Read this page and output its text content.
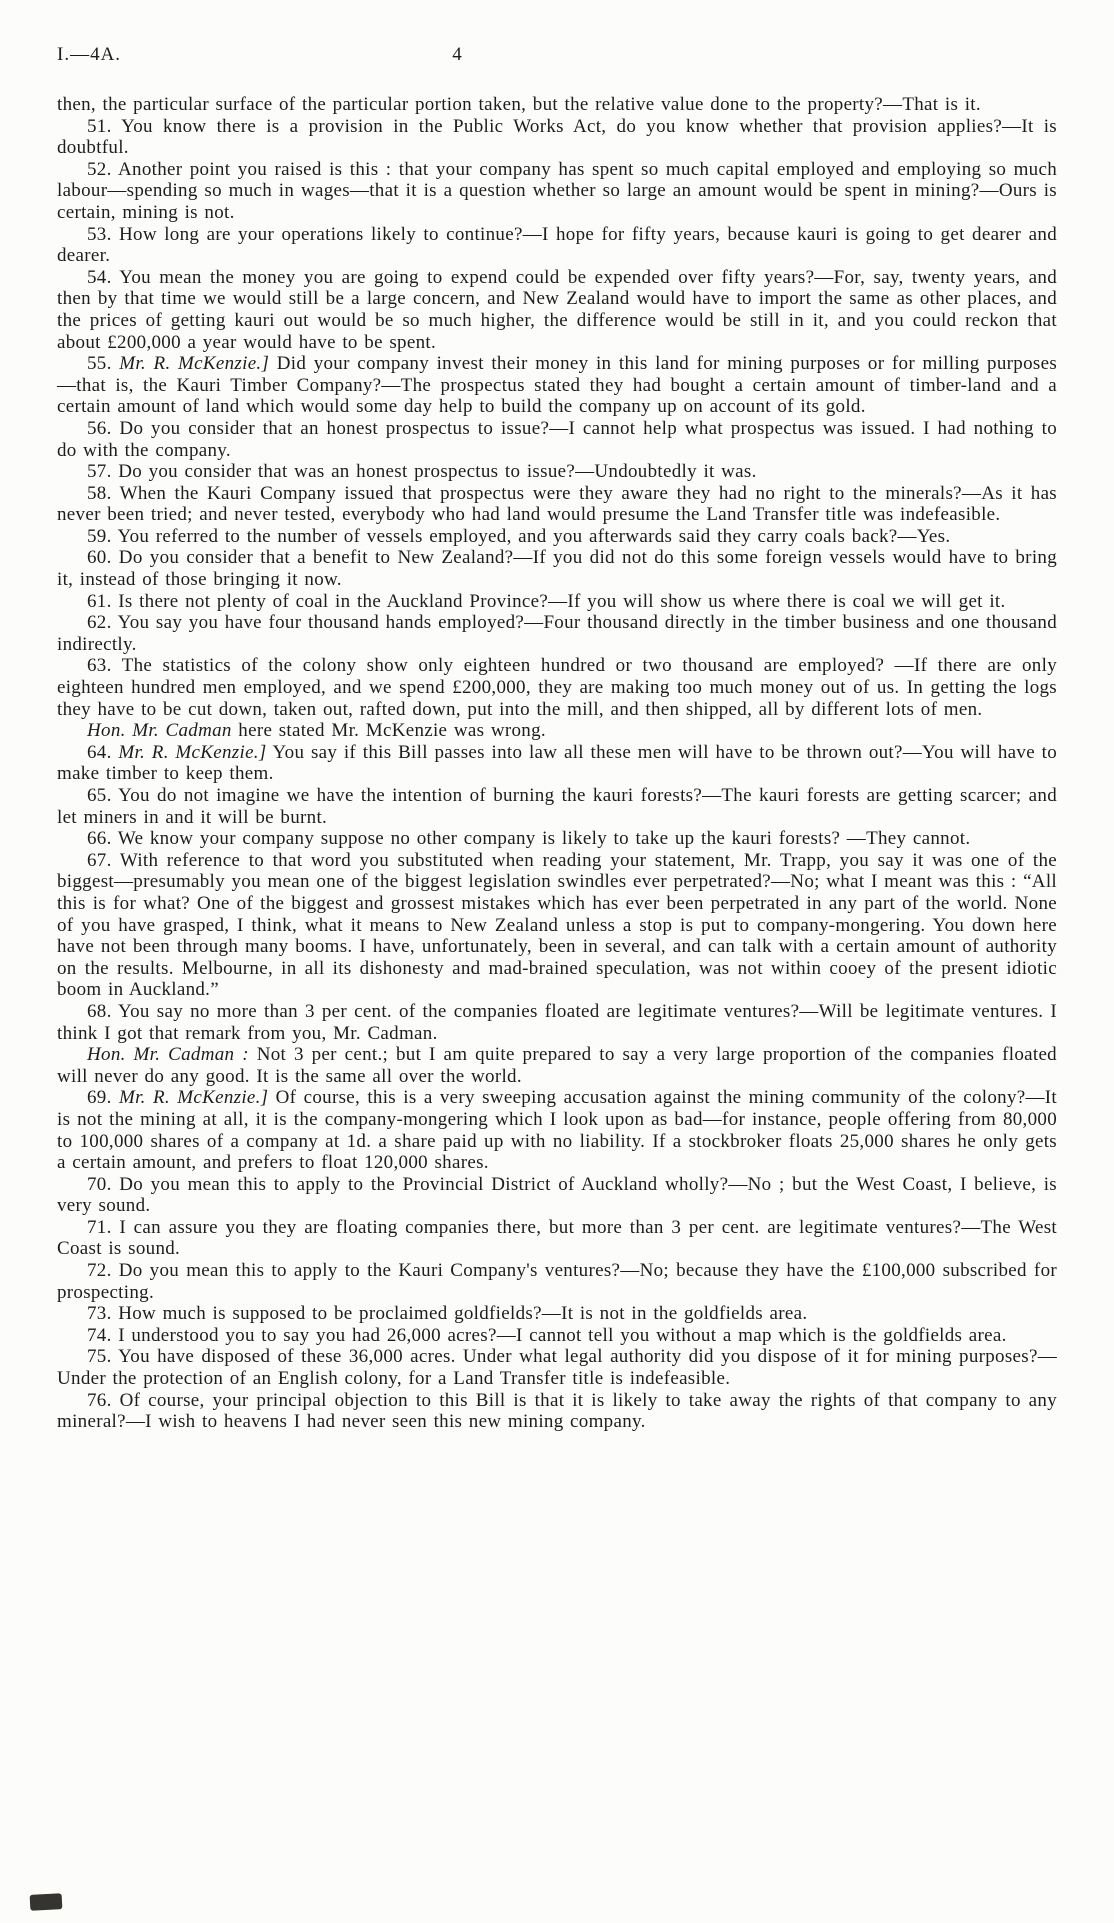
4
I.—4A.

then, the particular surface of the particular portion taken, but the relative value done to the property?—That is it.

51. You know there is a provision in the Public Works Act, do you know whether that provision applies?—It is doubtful.

52. Another point you raised is this : that your company has spent so much capital employed and employing so much labour—spending so much in wages—that it is a question whether so large an amount would be spent in mining?—Ours is certain, mining is not.

53. How long are your operations likely to continue?—I hope for fifty years, because kauri is going to get dearer and dearer.

54. You mean the money you are going to expend could be expended over fifty years?—For, say, twenty years, and then by that time we would still be a large concern, and New Zealand would have to import the same as other places, and the prices of getting kauri out would be so much higher, the difference would be still in it, and you could reckon that about £200,000 a year would have to be spent.

55. Mr. R. McKenzie.] Did your company invest their money in this land for mining purposes or for milling purposes—that is, the Kauri Timber Company?—The prospectus stated they had bought a certain amount of timber-land and a certain amount of land which would some day help to build the company up on account of its gold.

56. Do you consider that an honest prospectus to issue?—I cannot help what prospectus was issued. I had nothing to do with the company.

57. Do you consider that was an honest prospectus to issue?—Undoubtedly it was.

58. When the Kauri Company issued that prospectus were they aware they had no right to the minerals?—As it has never been tried; and never tested, everybody who had land would presume the Land Transfer title was indefeasible.

59. You referred to the number of vessels employed, and you afterwards said they carry coals back?—Yes.

60. Do you consider that a benefit to New Zealand?—If you did not do this some foreign vessels would have to bring it, instead of those bringing it now.

61. Is there not plenty of coal in the Auckland Province?—If you will show us where there is coal we will get it.

62. You say you have four thousand hands employed?—Four thousand directly in the timber business and one thousand indirectly.

63. The statistics of the colony show only eighteen hundred or two thousand are employed? —If there are only eighteen hundred men employed, and we spend £200,000, they are making too much money out of us. In getting the logs they have to be cut down, taken out, rafted down, put into the mill, and then shipped, all by different lots of men.

Hon. Mr. Cadman here stated Mr. McKenzie was wrong.

64. Mr. R. McKenzie.] You say if this Bill passes into law all these men will have to be thrown out?—You will have to make timber to keep them.

65. You do not imagine we have the intention of burning the kauri forests?—The kauri forests are getting scarcer; and let miners in and it will be burnt.

66. We know your company suppose no other company is likely to take up the kauri forests? —They cannot.

67. With reference to that word you substituted when reading your statement, Mr. Trapp, you say it was one of the biggest—presumably you mean one of the biggest legislation swindles ever perpetrated?—No; what I meant was this : “All this is for what? One of the biggest and grossest mistakes which has ever been perpetrated in any part of the world. None of you have grasped, I think, what it means to New Zealand unless a stop is put to company-mongering. You down here have not been through many booms. I have, unfortunately, been in several, and can talk with a certain amount of authority on the results. Melbourne, in all its dishonesty and mad-brained speculation, was not within cooey of the present idiotic boom in Auckland.”

68. You say no more than 3 per cent. of the companies floated are legitimate ventures?—Will be legitimate ventures. I think I got that remark from you, Mr. Cadman.

Hon. Mr. Cadman : Not 3 per cent.; but I am quite prepared to say a very large proportion of the companies floated will never do any good. It is the same all over the world.

69. Mr. R. McKenzie.] Of course, this is a very sweeping accusation against the mining community of the colony?—It is not the mining at all, it is the company-mongering which I look upon as bad—for instance, people offering from 80,000 to 100,000 shares of a company at 1d. a share paid up with no liability. If a stockbroker floats 25,000 shares he only gets a certain amount, and prefers to float 120,000 shares.

70. Do you mean this to apply to the Provincial District of Auckland wholly?—No ; but the West Coast, I believe, is very sound.

71. I can assure you they are floating companies there, but more than 3 per cent. are legitimate ventures?—The West Coast is sound.

72. Do you mean this to apply to the Kauri Company's ventures?—No; because they have the £100,000 subscribed for prospecting.

73. How much is supposed to be proclaimed goldfields?—It is not in the goldfields area.

74. I understood you to say you had 26,000 acres?—I cannot tell you without a map which is the goldfields area.

75. You have disposed of these 36,000 acres. Under what legal authority did you dispose of it for mining purposes?—Under the protection of an English colony, for a Land Transfer title is indefeasible.

76. Of course, your principal objection to this Bill is that it is likely to take away the rights of that company to any mineral?—I wish to heavens I had never seen this new mining company.
